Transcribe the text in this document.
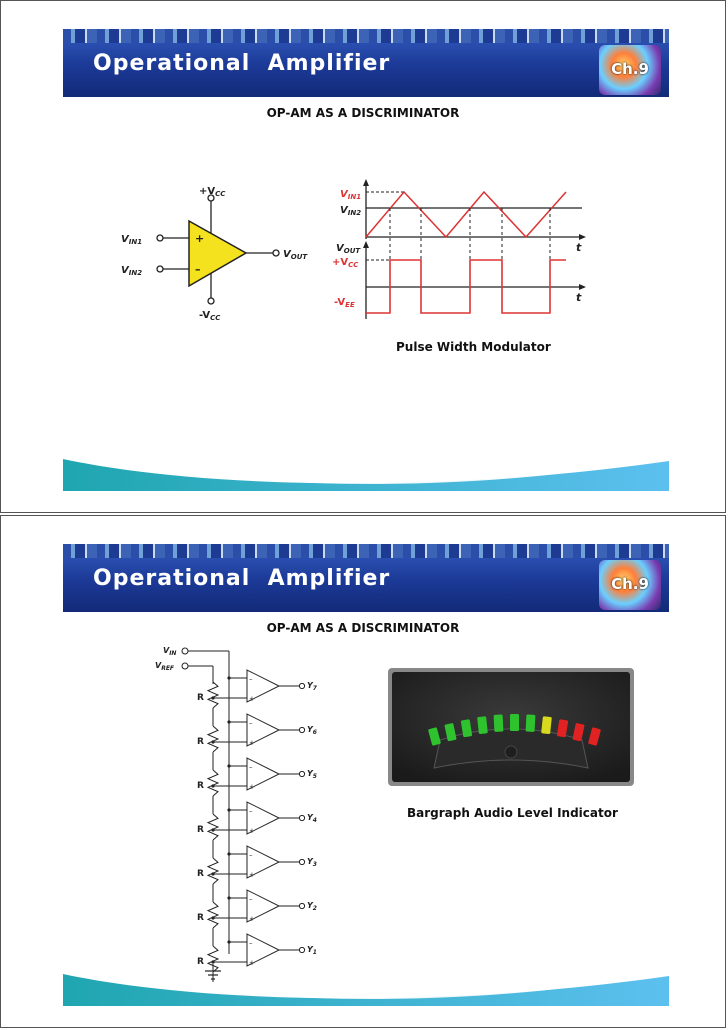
Operational  Amplifier	Ch.9
OP-AM AS A DISCRIMINATOR
+
–
$+V_{CC}$
$-V_{CC}$
$V_{IN1}$
$V_{IN2}$
$V_{OUT}$
$V_{IN1}$
$V_{IN2}$
$V_{OUT}$
$+V_{CC}$
$-V_{EE}$
t
t
Pulse Width Modulator
Operational  Amplifier	Ch.9
OP-AM AS A DISCRIMINATOR
$V_{IN}$
$V_{REF}$
R	+
–
$Y_7$
R	+
–
$Y_6$
R	+
–
$Y_5$
R	+
–
$Y_4$
R	+
–
$Y_3$
R	+
–
$Y_2$
R	+
–
$Y_1$
Bargraph Audio Level Indicator
